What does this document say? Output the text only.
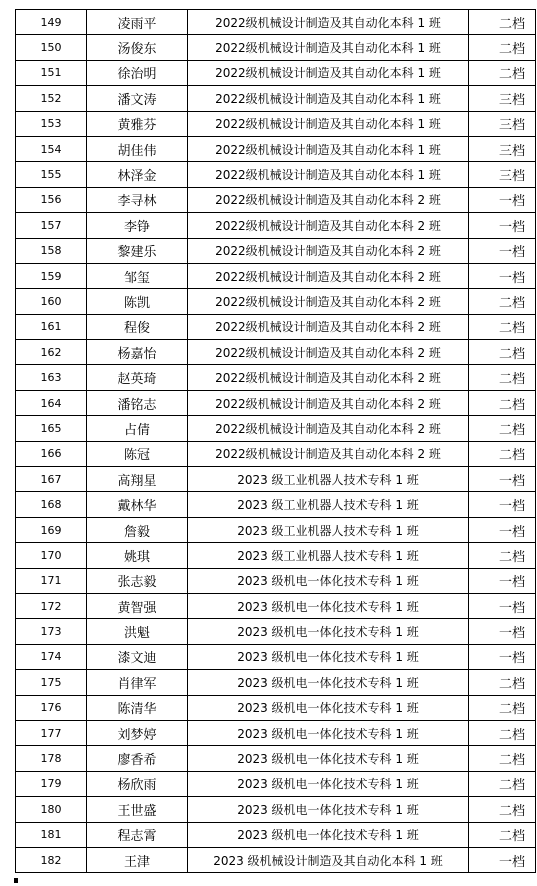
149	凌雨平	2022级机械设计制造及其自动化本科 1 班	二档
150	汤俊东	2022级机械设计制造及其自动化本科 1 班	二档
151	徐治明	2022级机械设计制造及其自动化本科 1 班	二档
152	潘文涛	2022级机械设计制造及其自动化本科 1 班	三档
153	黄雅芬	2022级机械设计制造及其自动化本科 1 班	三档
154	胡佳伟	2022级机械设计制造及其自动化本科 1 班	三档
155	林泽金	2022级机械设计制造及其自动化本科 1 班	三档
156	李寻林	2022级机械设计制造及其自动化本科 2 班	一档
157	李铮	2022级机械设计制造及其自动化本科 2 班	一档
158	黎建乐	2022级机械设计制造及其自动化本科 2 班	一档
159	邹玺	2022级机械设计制造及其自动化本科 2 班	一档
160	陈凯	2022级机械设计制造及其自动化本科 2 班	二档
161	程俊	2022级机械设计制造及其自动化本科 2 班	二档
162	杨嘉怡	2022级机械设计制造及其自动化本科 2 班	二档
163	赵英琦	2022级机械设计制造及其自动化本科 2 班	二档
164	潘铭志	2022级机械设计制造及其自动化本科 2 班	二档
165	占倩	2022级机械设计制造及其自动化本科 2 班	二档
166	陈冠	2022级机械设计制造及其自动化本科 2 班	二档
167	高翔星	2023 级工业机器人技术专科 1 班	一档
168	戴林华	2023 级工业机器人技术专科 1 班	一档
169	詹毅	2023 级工业机器人技术专科 1 班	一档
170	姚琪	2023 级工业机器人技术专科 1 班	二档
171	张志毅	2023 级机电一体化技术专科 1 班	一档
172	黄智强	2023 级机电一体化技术专科 1 班	一档
173	洪魁	2023 级机电一体化技术专科 1 班	一档
174	漆文迪	2023 级机电一体化技术专科 1 班	一档
175	肖律军	2023 级机电一体化技术专科 1 班	二档
176	陈清华	2023 级机电一体化技术专科 1 班	二档
177	刘梦婷	2023 级机电一体化技术专科 1 班	二档
178	廖香希	2023 级机电一体化技术专科 1 班	二档
179	杨欣雨	2023 级机电一体化技术专科 1 班	二档
180	王世盛	2023 级机电一体化技术专科 1 班	二档
181	程志霄	2023 级机电一体化技术专科 1 班	二档
182	王津	2023 级机械设计制造及其自动化本科 1 班	一档
